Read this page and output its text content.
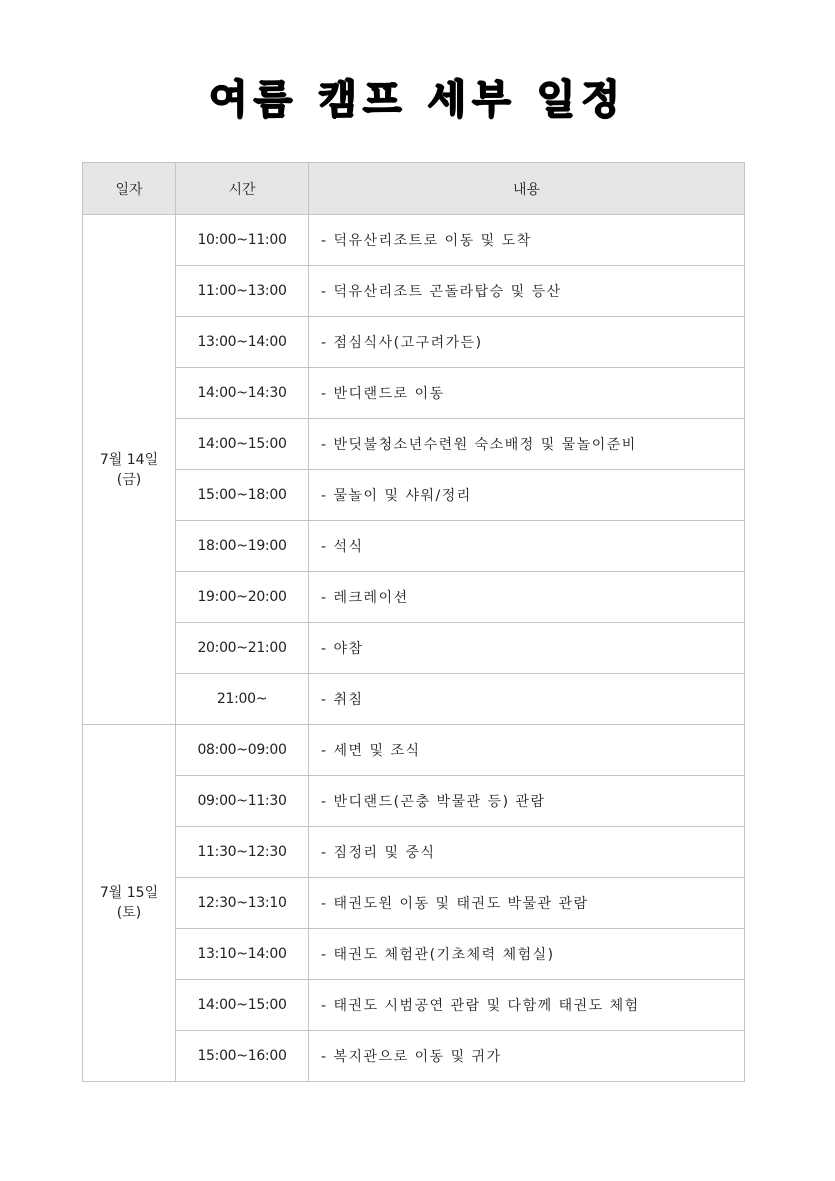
여름 캠프 세부 일정
일자	시간	내용

7월 14일
(금)	10:00~11:00	- 덕유산리조트로 이동 및 도착
	11:00~13:00	- 덕유산리조트 곤돌라탑승 및 등산
	13:00~14:00	- 점심식사(고구려가든)
	14:00~14:30	- 반디랜드로 이동
	14:00~15:00	- 반딧불청소년수련원 숙소배정 및 물놀이준비
	15:00~18:00	- 물놀이 및 샤워/정리
	18:00~19:00	- 석식
	19:00~20:00	- 레크레이션
	20:00~21:00	- 야참
	21:00~	- 취침

7월 15일
(토)	08:00~09:00	- 세면 및 조식
	09:00~11:30	- 반디랜드(곤충 박물관 등) 관람
	11:30~12:30	- 짐정리 및 중식
	12:30~13:10	- 태권도원 이동 및 태권도 박물관 관람
	13:10~14:00	- 태권도 체험관(기초체력 체험실)
	14:00~15:00	- 태권도 시범공연 관람 및 다함께 태권도 체험
	15:00~16:00	- 복지관으로 이동 및 귀가
